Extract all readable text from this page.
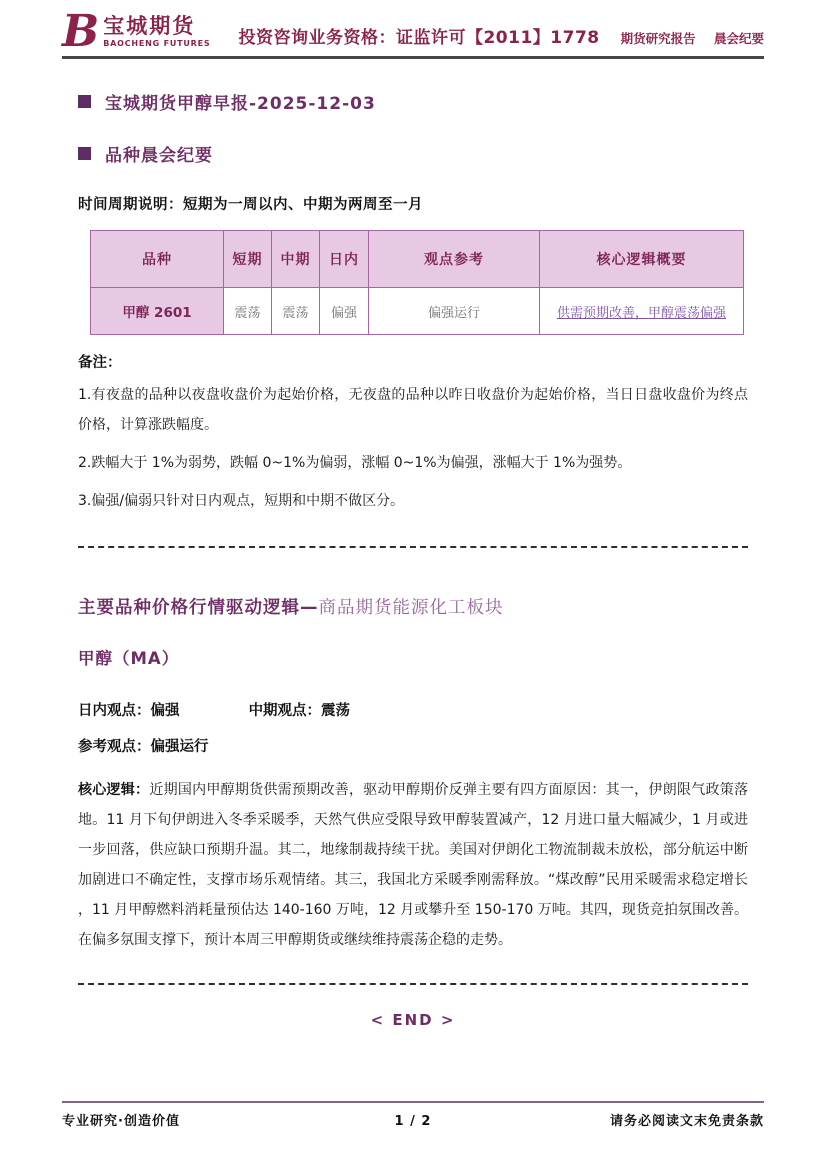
B 宝城期货
BAOCHENG FUTURES 投资咨询业务资格：证监许可【2011】1778 期货研究报告 晨会纪要
宝城期货甲醇早报-2025-12-03
品种晨会纪要
时间周期说明：短期为一周以内、中期为两周至一月
品种	短期	中期	日内	观点参考	核心逻辑概要
甲醇 2601	震荡	震荡	偏强	偏强运行	供需预期改善，甲醇震荡偏强
备注：
1.有夜盘的品种以夜盘收盘价为起始价格，无夜盘的品种以昨日收盘价为起始价格，当日日盘收盘价为终点价格，计算涨跌幅度。
2.跌幅大于 1%为弱势，跌幅 0~1%为偏弱，涨幅 0~1%为偏强，涨幅大于 1%为强势。
3.偏强/偏弱只针对日内观点，短期和中期不做区分。
主要品种价格行情驱动逻辑—商品期货能源化工板块
甲醇（MA）
日内观点：偏强	中期观点：震荡
参考观点：偏强运行
核心逻辑：近期国内甲醇期货供需预期改善，驱动甲醇期价反弹主要有四方面原因：其一，伊朗限气政策落地。11 月下旬伊朗进入冬季采暖季，天然气供应受限导致甲醇装置减产，12 月进口量大幅减少，1 月或进一步回落，供应缺口预期升温。其二，地缘制裁持续干扰。美国对伊朗化工物流制裁未放松，部分航运中断加剧进口不确定性，支撑市场乐观情绪。其三，我国北方采暖季刚需释放。“煤改醇”民用采暖需求稳定增长 ，11 月甲醇燃料消耗量预估达 140-160 万吨，12 月或攀升至 150-170 万吨。其四，现货竞拍氛围改善。在偏多氛围支撑下，预计本周三甲醇期货或继续维持震荡企稳的走势。
< END >
专业研究·创造价值	1 / 2	请务必阅读文末免责条款
